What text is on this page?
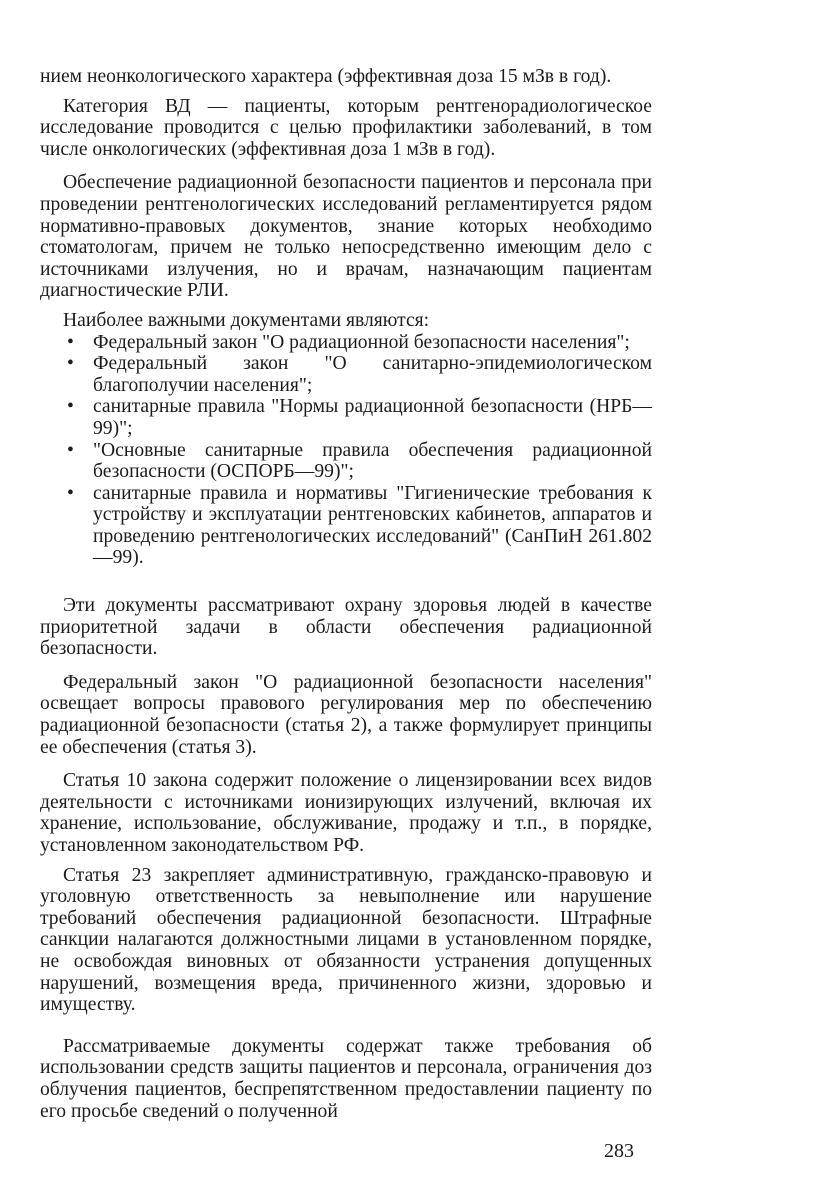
нием неонкологического характера (эффективная доза 15 мЗв в год).

Категория ВД — пациенты, которым рентгенорадиологическое исследование проводится с целью профилактики заболеваний, в том числе онкологических (эффективная доза 1 мЗв в год).

Обеспечение радиационной безопасности пациентов и персонала при проведении рентгенологических исследований регламентируется рядом нормативно-правовых документов, знание которых необходимо стоматологам, причем не только непосредственно имеющим дело с источниками излучения, но и врачам, назначающим пациентам диагностические РЛИ.

Наиболее важными документами являются:

• Федеральный закон "О радиационной безопасности населения";
• Федеральный закон "О санитарно-эпидемиологическом благополучии населения";
• санитарные правила "Нормы радиационной безопасности (НРБ—99)";
• "Основные санитарные правила обеспечения радиационной безопасности (ОСПОРБ—99)";
• санитарные правила и нормативы "Гигиенические требования к устройству и эксплуатации рентгеновских кабинетов, аппаратов и проведению рентгенологических исследований" (СанПиН 261.802—99).

Эти документы рассматривают охрану здоровья людей в качестве приоритетной задачи в области обеспечения радиационной безопасности.

Федеральный закон "О радиационной безопасности населения" освещает вопросы правового регулирования мер по обеспечению радиационной безопасности (статья 2), а также формулирует принципы ее обеспечения (статья 3).

Статья 10 закона содержит положение о лицензировании всех видов деятельности с источниками ионизирующих излучений, включая их хранение, использование, обслуживание, продажу и т.п., в порядке, установленном законодательством РФ.

Статья 23 закрепляет административную, гражданско-правовую и уголовную ответственность за невыполнение или нарушение требований обеспечения радиационной безопасности. Штрафные санкции налагаются должностными лицами в установленном порядке, не освобождая виновных от обязанности устранения допущенных нарушений, возмещения вреда, причиненного жизни, здоровью и имуществу.

Рассматриваемые документы содержат также требования об использовании средств защиты пациентов и персонала, ограничения доз облучения пациентов, беспрепятственном предоставлении пациенту по его просьбе сведений о полученной

283
